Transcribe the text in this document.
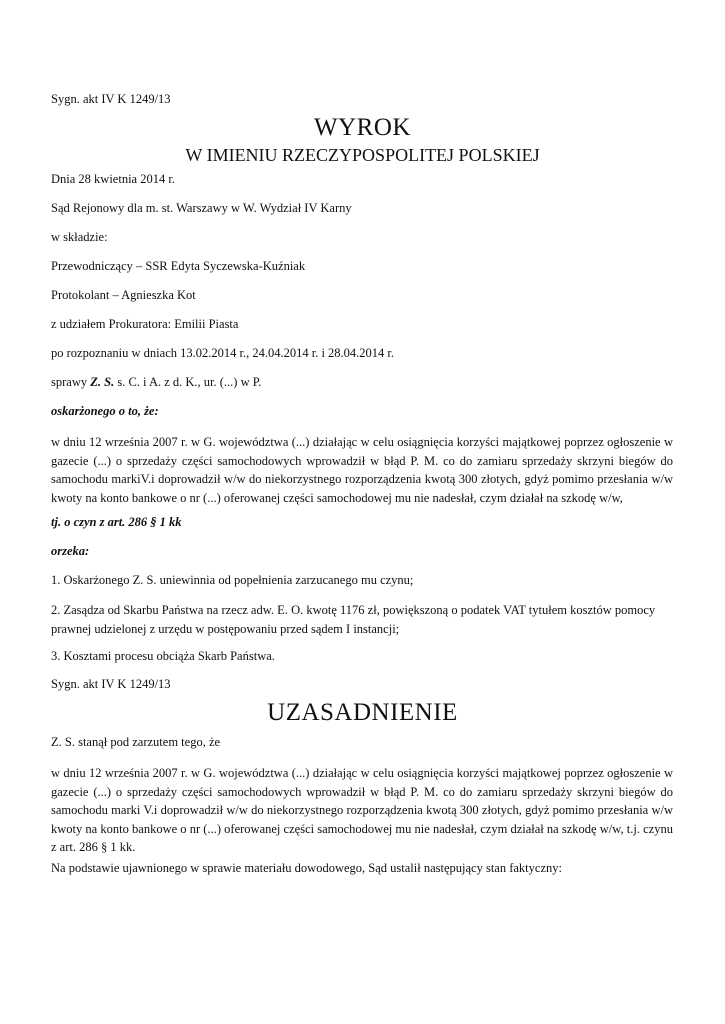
Sygn. akt IV K 1249/13

WYROK

W IMIENIU RZECZYPOSPOLITEJ POLSKIEJ

Dnia 28 kwietnia 2014 r.

Sąd Rejonowy dla m. st. Warszawy w W. Wydział IV Karny

w składzie:

Przewodniczący – SSR Edyta Syczewska-Kuźniak

Protokolant – Agnieszka Kot

z udziałem Prokuratora: Emilii Piasta

po rozpoznaniu w dniach 13.02.2014 r., 24.04.2014 r. i 28.04.2014 r.

sprawy Z. S. s. C. i A. z d. K., ur. (...) w P.

oskarżonego o to, że:

w dniu 12 września 2007 r. w G. województwa (...) działając w celu osiągnięcia korzyści majątkowej poprzez ogłoszenie w gazecie (...) o sprzedaży części samochodowych wprowadził w błąd P. M. co do zamiaru sprzedaży skrzyni biegów do samochodu markiV.i doprowadził w/w do niekorzystnego rozporządzenia kwotą 300 złotych, gdyż pomimo przesłania w/w kwoty na konto bankowe o nr (...) oferowanej części samochodowej mu nie nadesłał, czym działał na szkodę w/w,

tj. o czyn z art. 286 § 1 kk

orzeka:

1. Oskarżonego Z. S. uniewinnia od popełnienia zarzucanego mu czynu;

2. Zasądza od Skarbu Państwa na rzecz adw. E. O. kwotę 1176 zł, powiększoną o podatek VAT tytułem kosztów pomocy prawnej udzielonej z urzędu w postępowaniu przed sądem I instancji;

3. Kosztami procesu obciąża Skarb Państwa.

Sygn. akt IV K 1249/13

UZASADNIENIE

Z. S. stanął pod zarzutem tego, że

w dniu 12 września 2007 r. w G. województwa (...) działając w celu osiągnięcia korzyści majątkowej poprzez ogłoszenie w gazecie (...) o sprzedaży części samochodowych wprowadził w błąd P. M. co do zamiaru sprzedaży skrzyni biegów do samochodu marki V.i doprowadził w/w do niekorzystnego rozporządzenia kwotą 300 złotych, gdyż pomimo przesłania w/w kwoty na konto bankowe o nr (...) oferowanej części samochodowej mu nie nadesłał, czym działał na szkodę w/w, t.j. czynu z art. 286 § 1 kk.

Na podstawie ujawnionego w sprawie materiału dowodowego, Sąd ustalił następujący stan faktyczny:
